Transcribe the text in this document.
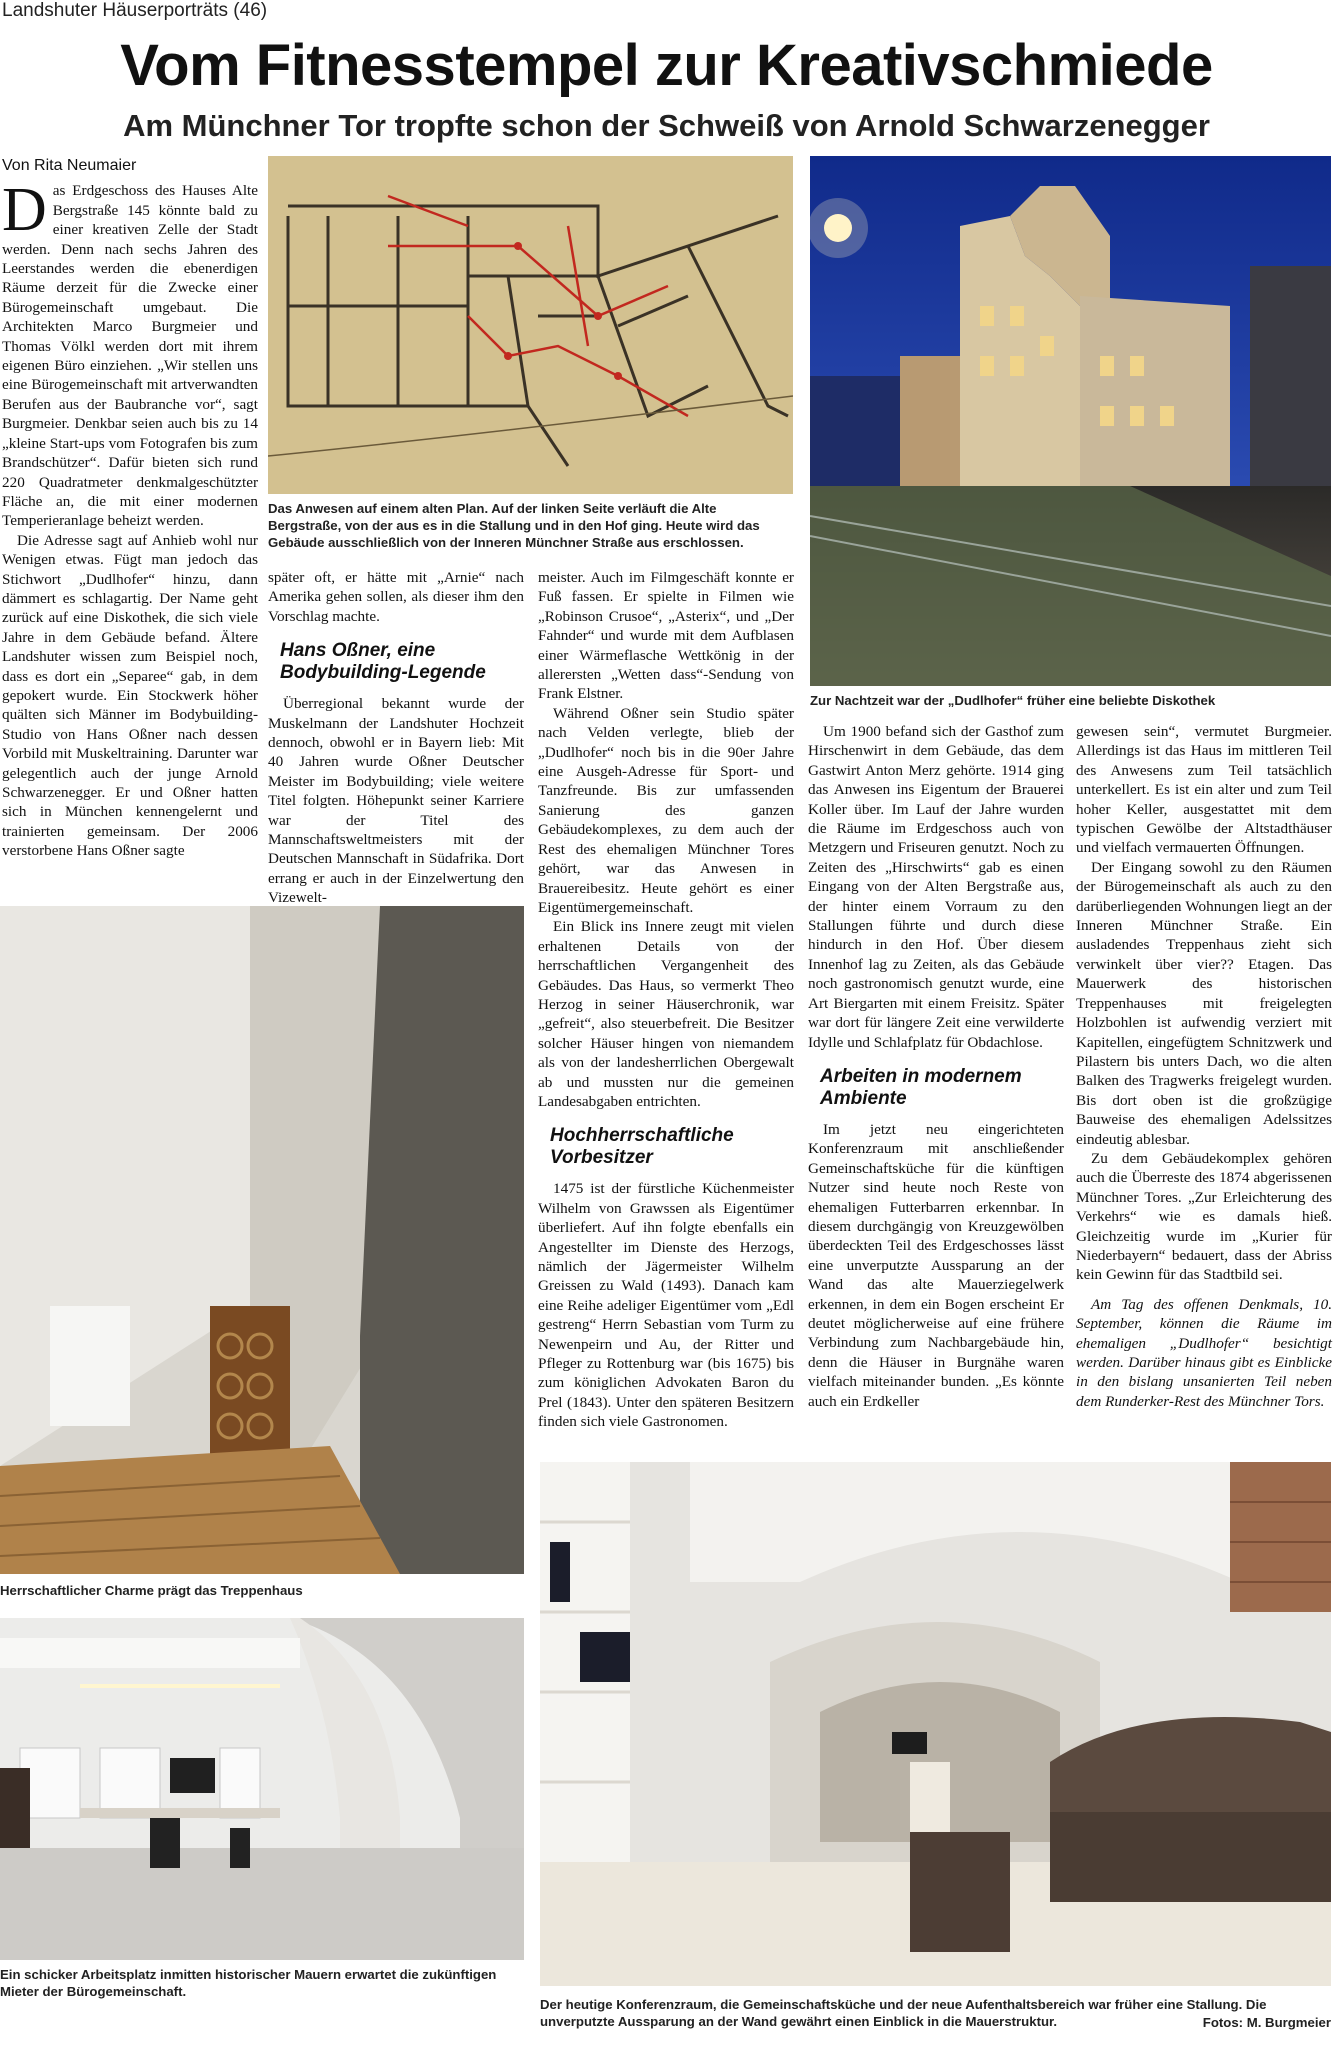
Landshuter Häuserporträts (46)
Vom Fitnesstempel zur Kreativschmiede
Am Münchner Tor tropfte schon der Schweiß von Arnold Schwarzenegger
Von Rita Neumaier

Das Erdgeschoss des Hauses Alte Bergstraße 145 könnte bald zu einer kreativen Zelle der Stadt werden. Denn nach sechs Jahren des Leerstandes werden die ebenerdigen Räume derzeit für die Zwecke einer Bürogemeinschaft umgebaut. Die Architekten Marco Burgmeier und Thomas Völkl werden dort mit ihrem eigenen Büro einziehen. „Wir stellen uns eine Bürogemeinschaft mit artverwandten Berufen aus der Baubranche vor“, sagt Burgmeier. Denkbar seien auch bis zu 14 „kleine Start-ups vom Fotografen bis zum Brandschützer“. Dafür bieten sich rund 220 Quadratmeter denkmalgeschützter Fläche an, die mit einer modernen Temperieranlage beheizt werden.

Die Adresse sagt auf Anhieb wohl nur Wenigen etwas. Fügt man jedoch das Stichwort „Dudlhofer“ hinzu, dann dämmert es schlagartig. Der Name geht zurück auf eine Diskothek, die sich viele Jahre in dem Gebäude befand. Ältere Landshuter wissen zum Beispiel noch, dass es dort ein „Separee“ gab, in dem gepokert wurde. Ein Stockwerk höher quälten sich Männer im Bodybuilding-Studio von Hans Oßner nach dessen Vorbild mit Muskeltraining. Darunter war gelegentlich auch der junge Arnold Schwarzenegger. Er und Oßner hatten sich in München kennengelernt und trainierten gemeinsam. Der 2006 verstorbene Hans Oßner sagte

Das Anwesen auf einem alten Plan. Auf der linken Seite verläuft die Alte Bergstraße, von der aus es in die Stallung und in den Hof ging. Heute wird das Gebäude ausschließlich von der Inneren Münchner Straße aus erschlossen.
Zur Nachtzeit war der „Dudlhofer“ früher eine beliebte Diskothek

später oft, er hätte mit „Arnie“ nach Amerika gehen sollen, als dieser ihm den Vorschlag machte.

Hans Oßner, eine Bodybuilding-Legende

Überregional bekannt wurde der Muskelmann der Landshuter Hochzeit dennoch, obwohl er in Bayern lieb: Mit 40 Jahren wurde Oßner Deutscher Meister im Bodybuilding; viele weitere Titel folgten. Höhepunkt seiner Karriere war der Titel des Mannschaftsweltmeisters mit der Deutschen Mannschaft in Südafrika. Dort errang er auch in der Einzelwertung den Vizewelt-

meister. Auch im Filmgeschäft konnte er Fuß fassen. Er spielte in Filmen wie „Robinson Crusoe“, „Asterix“, und „Der Fahnder“ und wurde mit dem Aufblasen einer Wärmeflasche Wettkönig in der allerersten „Wetten dass“-Sendung von Frank Elstner.

Während Oßner sein Studio später nach Velden verlegte, blieb der „Dudlhofer“ noch bis in die 90er Jahre eine Ausgeh-Adresse für Sport- und Tanzfreunde. Bis zur umfassenden Sanierung des ganzen Gebäudekomplexes, zu dem auch der Rest des ehemaligen Münchner Tores gehört, war das Anwesen in Brauereibesitz. Heute gehört es einer Eigentümergemeinschaft.

Ein Blick ins Innere zeugt mit vielen erhaltenen Details von der herrschaftlichen Vergangenheit des Gebäudes. Das Haus, so vermerkt Theo Herzog in seiner Häuserchronik, war „gefreit“, also steuerbefreit. Die Besitzer solcher Häuser hingen von niemandem als von der landesherrlichen Obergewalt ab und mussten nur die gemeinen Landesabgaben entrichten.

Hochherrschaftliche Vorbesitzer

1475 ist der fürstliche Küchenmeister Wilhelm von Grawssen als Eigentümer überliefert. Auf ihn folgte ebenfalls ein Angestellter im Dienste des Herzogs, nämlich der Jägermeister Wilhelm Greissen zu Wald (1493). Danach kam eine Reihe adeliger Eigentümer vom „Edl gestreng“ Herrn Sebastian vom Turm zu Newenpeirn und Au, der Ritter und Pfleger zu Rottenburg war (bis 1675) bis zum königlichen Advokaten Baron du Prel (1843). Unter den späteren Besitzern finden sich viele Gastronomen.

Um 1900 befand sich der Gasthof zum Hirschenwirt in dem Gebäude, das dem Gastwirt Anton Merz gehörte. 1914 ging das Anwesen ins Eigentum der Brauerei Koller über. Im Lauf der Jahre wurden die Räume im Erdgeschoss auch von Metzgern und Friseuren genutzt. Noch zu Zeiten des „Hirschwirts“ gab es einen Eingang von der Alten Bergstraße aus, der hinter einem Vorraum zu den Stallungen führte und durch diese hindurch in den Hof. Über diesem Innenhof lag zu Zeiten, als das Gebäude noch gastronomisch genutzt wurde, eine Art Biergarten mit einem Freisitz. Später war dort für längere Zeit eine verwilderte Idylle und Schlafplatz für Obdachlose.

Arbeiten in modernem Ambiente

Im jetzt neu eingerichteten Konferenzraum mit anschließender Gemeinschaftsküche für die künftigen Nutzer sind heute noch Reste von ehemaligen Futterbarren erkennbar. In diesem durchgängig von Kreuzgewölben überdeckten Teil des Erdgeschosses lässt eine unverputzte Aussparung an der Wand das alte Mauerziegelwerk erkennen, in dem ein Bogen erscheint Er deutet möglicherweise auf eine frühere Verbindung zum Nachbargebäude hin, denn die Häuser in Burgnähe waren vielfach miteinander bunden. „Es könnte auch ein Erdkeller

gewesen sein“, vermutet Burgmeier. Allerdings ist das Haus im mittleren Teil des Anwesens zum Teil tatsächlich unterkellert. Es ist ein alter und zum Teil hoher Keller, ausgestattet mit dem typischen Gewölbe der Altstadthäuser und vielfach vermauerten Öffnungen.

Der Eingang sowohl zu den Räumen der Bürogemeinschaft als auch zu den darüberliegenden Wohnungen liegt an der Inneren Münchner Straße. Ein ausladendes Treppenhaus zieht sich verwinkelt über vier?? Etagen. Das Mauerwerk des historischen Treppenhauses mit freigelegten Holzbohlen ist aufwendig verziert mit Kapitellen, eingefügtem Schnitzwerk und Pilastern bis unters Dach, wo die alten Balken des Tragwerks freigelegt wurden. Bis dort oben ist die großzügige Bauweise des ehemaligen Adelssitzes eindeutig ablesbar.

Zu dem Gebäudekomplex gehören auch die Überreste des 1874 abgerissenen Münchner Tores. „Zur Erleichterung des Verkehrs“ wie es damals hieß. Gleichzeitig wurde im „Kurier für Niederbayern“ bedauert, dass der Abriss kein Gewinn für das Stadtbild sei.

Am Tag des offenen Denkmals, 10. September, können die Räume im ehemaligen „Dudlhofer“ besichtigt werden. Darüber hinaus gibt es Einblicke in den bislang unsanierten Teil neben dem Runderker-Rest des Münchner Tors.

Herrschaftlicher Charme prägt das Treppenhaus
Ein schicker Arbeitsplatz inmitten historischer Mauern erwartet die zukünftigen Mieter der Bürogemeinschaft.
Der heutige Konferenzraum, die Gemeinschaftsküche und der neue Aufenthaltsbereich war früher eine Stallung. Die unverputzte Aussparung an der Wand gewährt einen Einblick in die Mauerstruktur.	Fotos: M. Burgmeier
